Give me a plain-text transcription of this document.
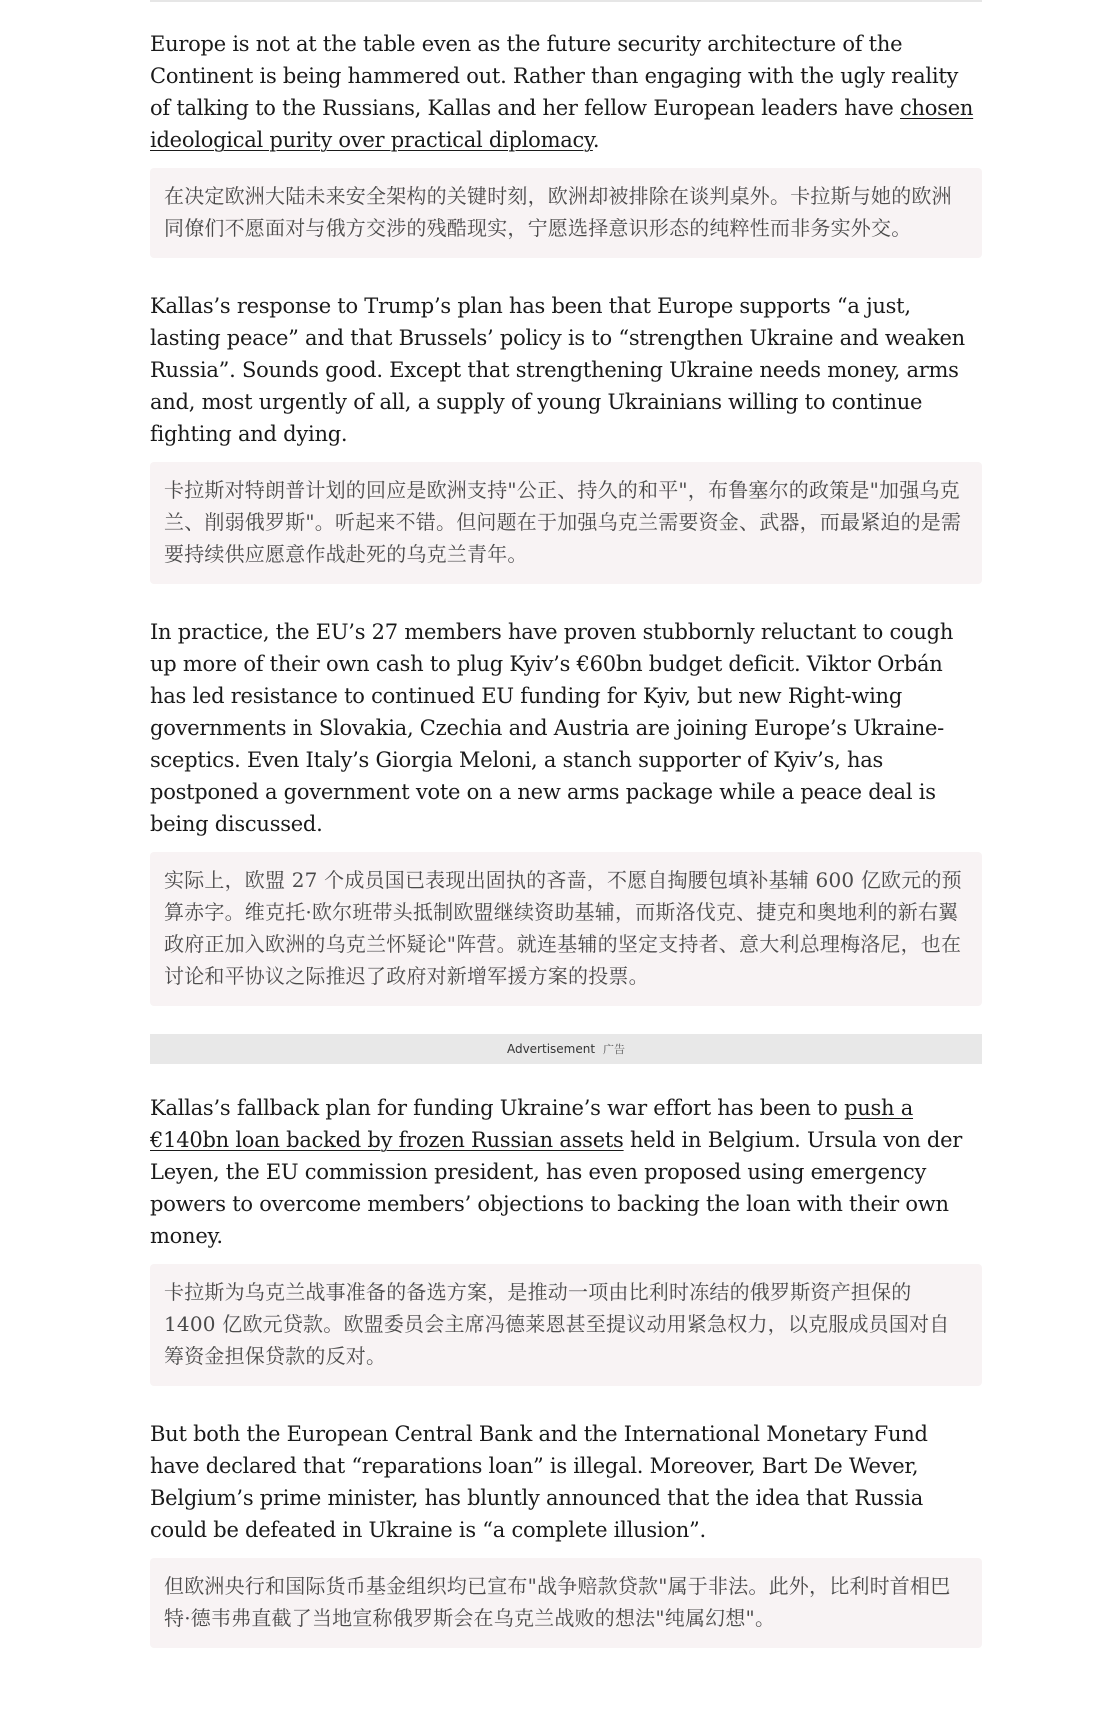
Europe is not at the table even as the future security architecture of the Continent is being hammered out. Rather than engaging with the ugly reality of talking to the Russians, Kallas and her fellow European leaders have chosen ideological purity over practical diplomacy.

在决定欧洲大陆未来安全架构的关键时刻，欧洲却被排除在谈判桌外。卡拉斯与她的欧洲同僚们不愿面对与俄方交涉的残酷现实，宁愿选择意识形态的纯粹性而非务实外交。

Kallas’s response to Trump’s plan has been that Europe supports “a just, lasting peace” and that Brussels’ policy is to “strengthen Ukraine and weaken Russia”. Sounds good. Except that strengthening Ukraine needs money, arms and, most urgently of all, a supply of young Ukrainians willing to continue fighting and dying.

卡拉斯对特朗普计划的回应是欧洲支持"公正、持久的和平"，布鲁塞尔的政策是"加强乌克兰、削弱俄罗斯"。听起来不错。但问题在于加强乌克兰需要资金、武器，而最紧迫的是需要持续供应愿意作战赴死的乌克兰青年。

In practice, the EU’s 27 members have proven stubbornly reluctant to cough up more of their own cash to plug Kyiv’s €60bn budget deficit. Viktor Orbán has led resistance to continued EU funding for Kyiv, but new Right-wing governments in Slovakia, Czechia and Austria are joining Europe’s Ukraine-sceptics. Even Italy’s Giorgia Meloni, a stanch supporter of Kyiv’s, has postponed a government vote on a new arms package while a peace deal is being discussed.

实际上，欧盟 27 个成员国已表现出固执的吝啬，不愿自掏腰包填补基辅 600 亿欧元的预算赤字。维克托·欧尔班带头抵制欧盟继续资助基辅，而斯洛伐克、捷克和奥地利的新右翼政府正加入欧洲的乌克兰怀疑论"阵营。就连基辅的坚定支持者、意大利总理梅洛尼，也在讨论和平协议之际推迟了政府对新增军援方案的投票。
Advertisement 广告

Kallas’s fallback plan for funding Ukraine’s war effort has been to push a €140bn loan backed by frozen Russian assets held in Belgium. Ursula von der Leyen, the EU commission president, has even proposed using emergency powers to overcome members’ objections to backing the loan with their own money.

卡拉斯为乌克兰战事准备的备选方案，是推动一项由比利时冻结的俄罗斯资产担保的 1400 亿欧元贷款。欧盟委员会主席冯德莱恩甚至提议动用紧急权力，以克服成员国对自筹资金担保贷款的反对。

But both the European Central Bank and the International Monetary Fund have declared that “reparations loan” is illegal. Moreover, Bart De Wever, Belgium’s prime minister, has bluntly announced that the idea that Russia could be defeated in Ukraine is “a complete illusion”.

但欧洲央行和国际货币基金组织均已宣布"战争赔款贷款"属于非法。此外，比利时首相巴特·德韦弗直截了当地宣称俄罗斯会在乌克兰战败的想法"纯属幻想"。
